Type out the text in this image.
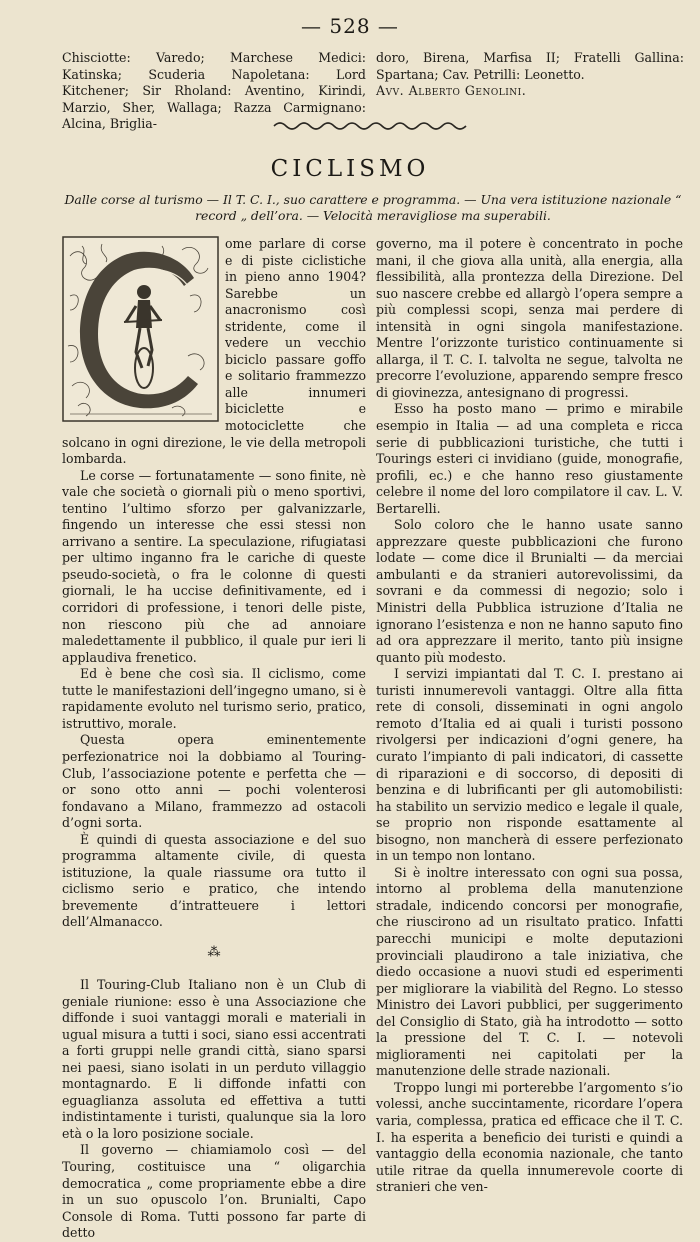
— 528 —

Chisciotte: Varedo; Marchese Medici: Katinska; Scuderia Napoletana: Lord Kitchener; Sir Rholand: Aventino, Kirindi, Marzio, Sher, Wallaga; Razza Carmignano: Alcina, Briglia-

doro, Birena, Marfisa II; Fratelli Gallina: Spartana; Cav. Petrilli: Leonetto.

Avv. Alberto Genolini.

CICLISMO
Dalle corse al turismo — Il T. C. I., suo carattere e programma. — Una vera istituzione nazionale “ record „ dell’ora. — Velocità meravigliose ma superabili.

ome parlare di corse e di piste ciclistiche in pieno anno 1904? Sarebbe un anacronismo così stridente, come il vedere un vecchio biciclo passare goffo e solitario frammezzo alle innumeri biciclette e motociclette che solcano in ogni direzione, le vie della metropoli lombarda.

Le corse — fortunatamente — sono finite, nè vale che società o giornali più o meno sportivi, tentino l’ultimo sforzo per galvanizzarle, fingendo un interesse che essi stessi non arrivano a sentire. La speculazione, rifugiatasi per ultimo inganno fra le cariche di queste pseudo-società, o fra le colonne di questi giornali, le ha uccise definitivamente, ed i corridori di professione, i tenori delle piste, non riescono più che ad annoiare maledettamente il pubblico, il quale pur ieri li applaudiva frenetico.

Ed è bene che così sia. Il ciclismo, come tutte le manifestazioni dell’ingegno umano, si è rapidamente evoluto nel turismo serio, pratico, istruttivo, morale.

Questa opera eminentemente perfezionatrice noi la dobbiamo al Touring-Club, l’associazione potente e perfetta che — or sono otto anni — pochi volenterosi fondavano a Milano, frammezzo ad ostacoli d’ogni sorta.

È quindi di questa associazione e del suo programma altamente civile, di questa istituzione, la quale riassume ora tutto il ciclismo serio e pratico, che intendo brevemente d’intratteuere i lettori dell’Almanacco.

⁂

Il Touring-Club Italiano non è un Club di geniale riunione: esso è una Associazione che diffonde i suoi vantaggi morali e materiali in ugual misura a tutti i soci, siano essi accentrati a forti gruppi nelle grandi città, siano sparsi nei paesi, siano isolati in un perduto villaggio montagnardo. E li diffonde infatti con eguaglianza assoluta ed effettiva a tutti indistintamente i turisti, qualunque sia la loro età o la loro posizione sociale.

Il governo — chiamiamolo così — del Touring, costituisce una “ oligarchia democratica „ come propriamente ebbe a dire in un suo opuscolo l’on. Brunialti, Capo Console di Roma. Tutti possono far parte di detto

governo, ma il potere è concentrato in poche mani, il che giova alla unità, alla energia, alla flessibilità, alla prontezza della Direzione. Del suo nascere crebbe ed allargò l’opera sempre a più complessi scopi, senza mai perdere di intensità in ogni singola manifestazione. Mentre l’orizzonte turistico continuamente si allarga, il T. C. I. talvolta ne segue, talvolta ne precorre l’evoluzione, apparendo sempre fresco di giovinezza, antesignano di progressi.

Esso ha posto mano — primo e mirabile esempio in Italia — ad una completa e ricca serie di pubblicazioni turistiche, che tutti i Tourings esteri ci invidiano (guide, monografie, profili, ec.) e che hanno reso giustamente celebre il nome del loro compilatore il cav. L. V. Bertarelli.

Solo coloro che le hanno usate sanno apprezzare queste pubblicazioni che furono lodate — come dice il Brunialti — da merciai ambulanti e da stranieri autorevolissimi, da sovrani e da commessi di negozio; solo i Ministri della Pubblica istruzione d’Italia ne ignorano l’esistenza e non ne hanno saputo fino ad ora apprezzare il merito, tanto più insigne quanto più modesto.

I servizi impiantati dal T. C. I. prestano ai turisti innumerevoli vantaggi. Oltre alla fitta rete di consoli, disseminati in ogni angolo remoto d’Italia ed ai quali i turisti possono rivolgersi per indicazioni d’ogni genere, ha curato l’impianto di pali indicatori, di cassette di riparazioni e di soccorso, di depositi di benzina e di lubrificanti per gli automobilisti: ha stabilito un servizio medico e legale il quale, se proprio non risponde esattamente al bisogno, non mancherà di essere perfezionato in un tempo non lontano.

Si è inoltre interessato con ogni sua possa, intorno al problema della manutenzione stradale, indicendo concorsi per monografie, che riuscirono ad un risultato pratico. Infatti parecchi municipi e molte deputazioni provinciali plaudirono a tale iniziativa, che diedo occasione a nuovi studi ed esperimenti per migliorare la viabilità del Regno. Lo stesso Ministro dei Lavori pubblici, per suggerimento del Consiglio di Stato, già ha introdotto — sotto la pressione del T. C. I. — notevoli miglioramenti nei capitolati per la manutenzione delle strade nazionali.

Troppo lungi mi porterebbe l’argomento s’io volessi, anche succintamente, ricordare l’opera varia, complessa, pratica ed efficace che il T. C. I. ha esperita a beneficio dei turisti e quindi a vantaggio della economia nazionale, che tanto utile ritrae da quella innumerevole coorte di stranieri che ven-
